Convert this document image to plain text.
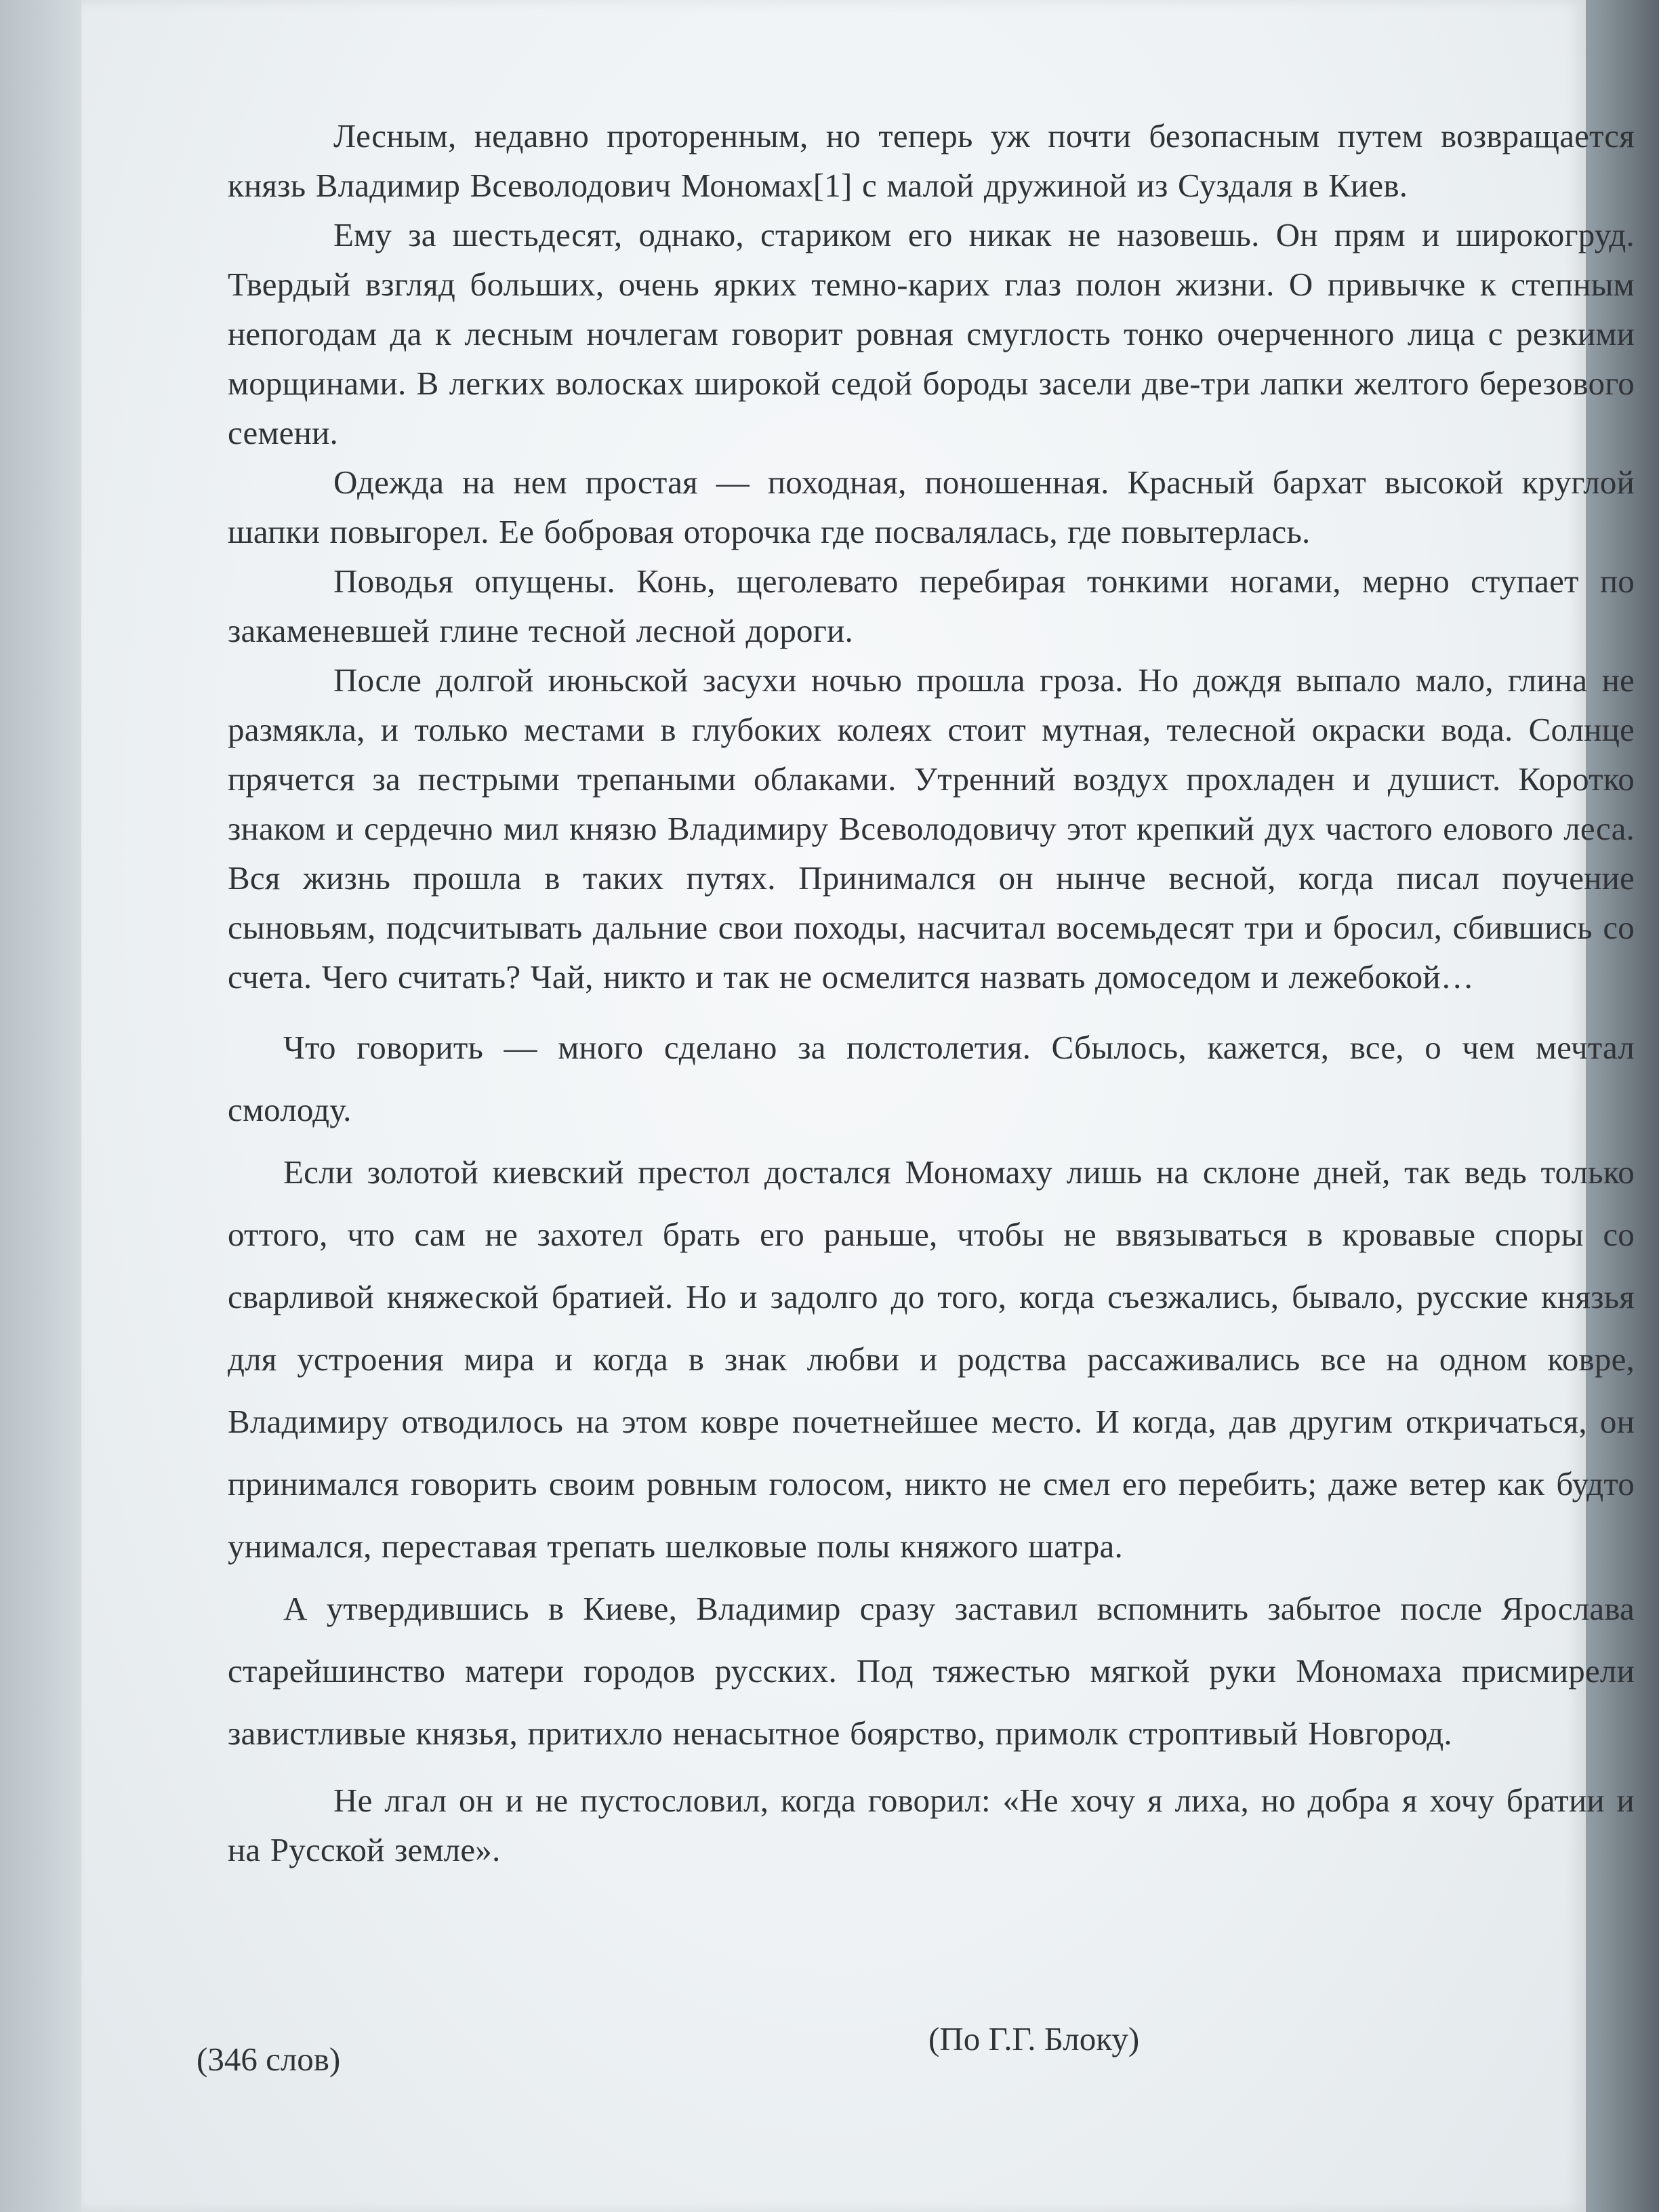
Лесным, недавно протоpенным, но теперь уж почти безопасным путем возвращается князь Владимир Всеволодович Мономах[1] с малой дружиной из Суздаля в Киев.

Ему за шестьдесят, однако, стариком его никак не назовешь. Он прям и широкогруд. Твердый взгляд больших, очень ярких темно-карих глаз полон жизни. О привычке к степным непогодам да к лесным ночлегам говорит ровная смуглость тонко очерченного лица с резкими морщинами. В легких волосках широкой седой бороды засели две-три лапки желтого березового семени.

Одежда на нем простая — походная, поношенная. Красный бархат высокой круглой шапки повыгорел. Ее бобровая оторочка где посвалялась, где повытерлась.

Поводья опущены. Конь, щеголевато перебирая тонкими ногами, мерно ступает по закаменевшей глине тесной лесной дороги.

После долгой июньской засухи ночью прошла гроза. Но дождя выпало мало, глина не размякла, и только местами в глубоких колеях стоит мутная, телесной окраски вода. Солнце прячется за пестрыми трепаными облаками. Утренний воздух прохладен и душист. Коротко знаком и сердечно мил князю Владимиру Всеволодовичу этот крепкий дух частого елового леса. Вся жизнь прошла в таких путях. Принимался он нынче весной, когда писал поучение сыновьям, подсчитывать дальние свои походы, насчитал восемьдесят три и бросил, сбившись со счета. Чего считать? Чай, никто и так не осмелится назвать домоседом и лежебокой…

Что говорить — много сделано за полстолетия. Сбылось, кажется, все, о чем мечтал смолоду.

Если золотой киевский престол достался Мономаху лишь на склоне дней, так ведь только оттого, что сам не захотел брать его раньше, чтобы не ввязываться в кровавые споры со сварливой княжеской братией. Но и задолго до того, когда съезжались, бывало, русские князья для устроения мира и когда в знак любви и родства рассаживались все на одном ковре, Владимиру отводилось на этом ковре почетнейшее место. И когда, дав другим откричаться, он принимался говорить своим ровным голосом, никто не смел его перебить; даже ветер как будто унимался, переставая трепать шелковые полы княжого шатра.

А утвердившись в Киеве, Владимир сразу заставил вспомнить забытое после Ярослава старейшинство матери городов русских. Под тяжестью мягкой руки Мономаха присмирели завистливые князья, притихло ненасытное боярство, примолк строптивый Новгород.

Не лгал он и не пустословил, когда говорил: «Не хочу я лиха, но добра я хочу братии и на Русской земле».

(346 слов)
(По Г.Г. Блоку)
